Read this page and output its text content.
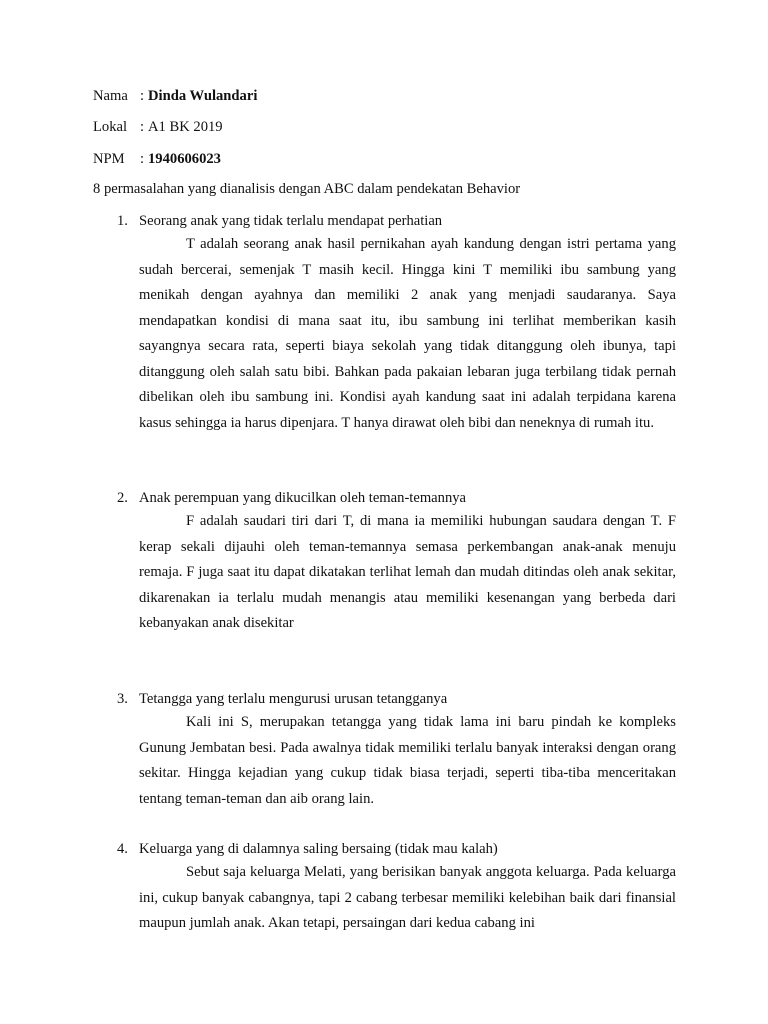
Nama : Dinda Wulandari
Lokal : A1 BK 2019
NPM : 1940606023
8 permasalahan yang dianalisis dengan ABC dalam pendekatan Behavior
1. Seorang anak yang tidak terlalu mendapat perhatian

T adalah seorang anak hasil pernikahan ayah kandung dengan istri pertama yang sudah bercerai, semenjak T masih kecil. Hingga kini T memiliki ibu sambung yang menikah dengan ayahnya dan memiliki 2 anak yang menjadi saudaranya. Saya mendapatkan kondisi di mana saat itu, ibu sambung ini terlihat memberikan kasih sayangnya secara rata, seperti biaya sekolah yang tidak ditanggung oleh ibunya, tapi ditanggung oleh salah satu bibi. Bahkan pada pakaian lebaran juga terbilang tidak pernah dibelikan oleh ibu sambung ini. Kondisi ayah kandung saat ini adalah terpidana karena kasus sehingga ia harus dipenjara. T hanya dirawat oleh bibi dan neneknya di rumah itu.

2. Anak perempuan yang dikucilkan oleh teman-temannya

F adalah saudari tiri dari T, di mana ia memiliki hubungan saudara dengan T. F kerap sekali dijauhi oleh teman-temannya semasa perkembangan anak-anak menuju remaja. F juga saat itu dapat dikatakan terlihat lemah dan mudah ditindas oleh anak sekitar, dikarenakan ia terlalu mudah menangis atau memiliki kesenangan yang berbeda dari kebanyakan anak disekitar

3. Tetangga yang terlalu mengurusi urusan tetangganya

Kali ini S, merupakan tetangga yang tidak lama ini baru pindah ke kompleks Gunung Jembatan besi. Pada awalnya tidak memiliki terlalu banyak interaksi dengan orang sekitar. Hingga kejadian yang cukup tidak biasa terjadi, seperti tiba-tiba menceritakan tentang teman-teman dan aib orang lain.

4. Keluarga yang di dalamnya saling bersaing (tidak mau kalah)

Sebut saja keluarga Melati, yang berisikan banyak anggota keluarga. Pada keluarga ini, cukup banyak cabangnya, tapi 2 cabang terbesar memiliki kelebihan baik dari finansial maupun jumlah anak. Akan tetapi, persaingan dari kedua cabang ini
